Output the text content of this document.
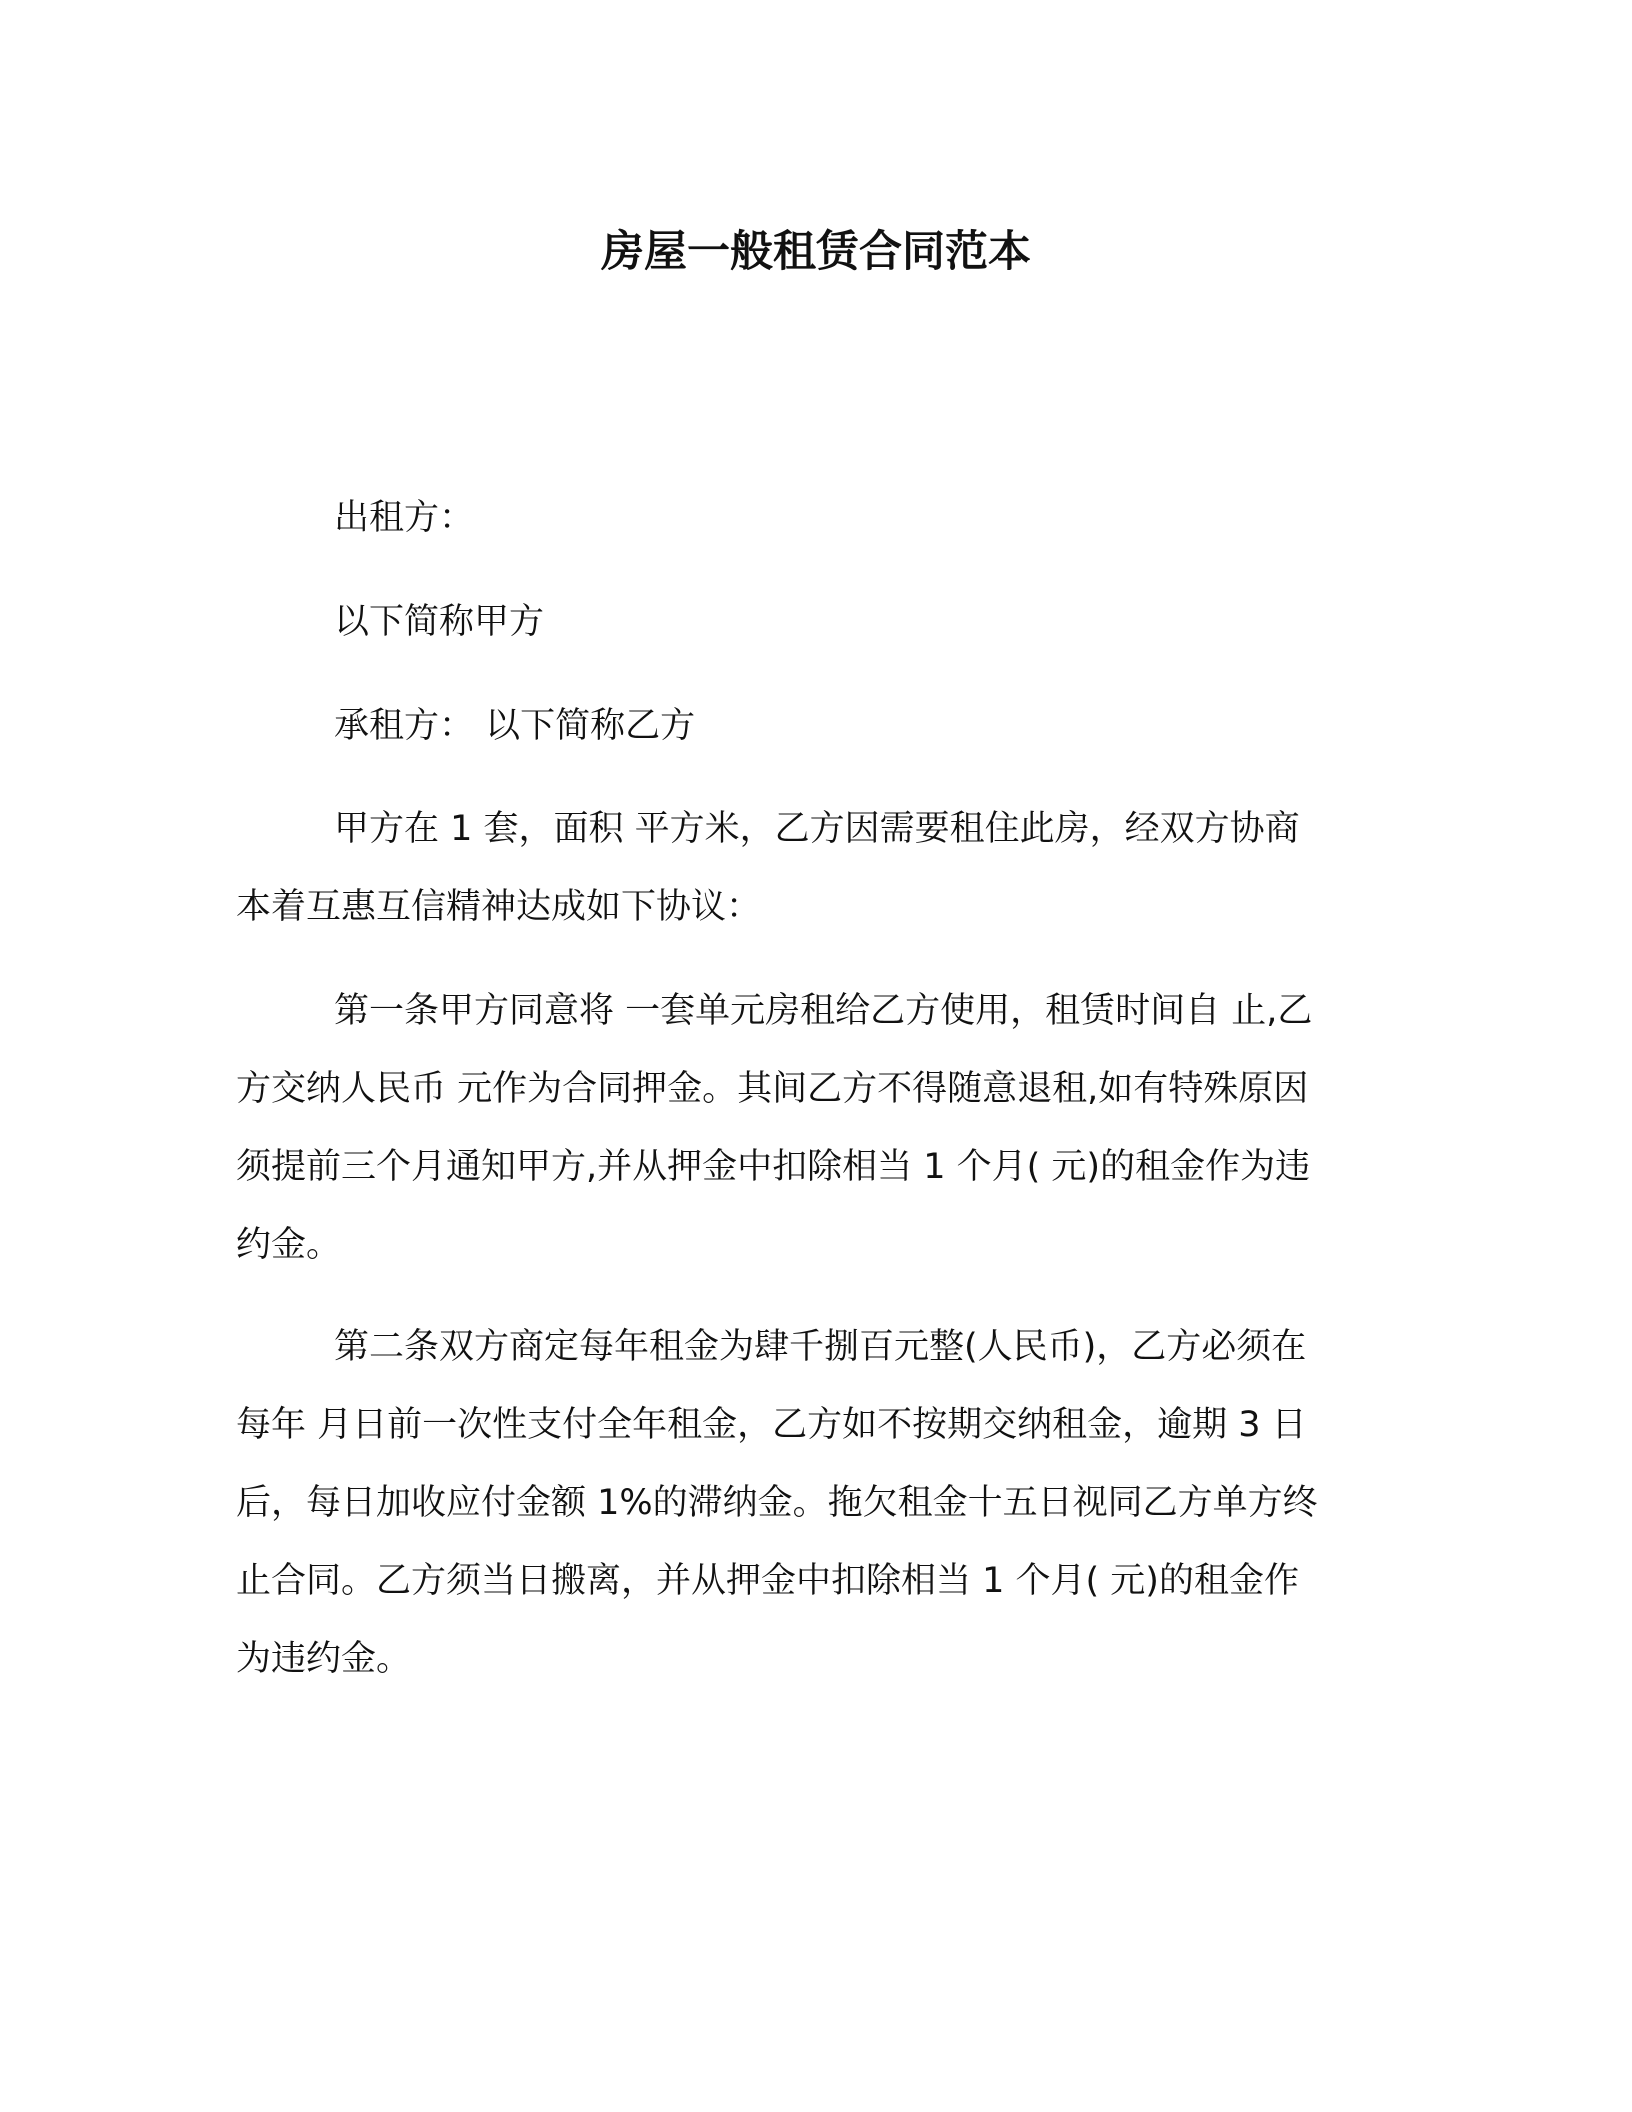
房屋一般租赁合同范本
出租方：
以下简称甲方
承租方： 以下简称乙方
甲方在 1 套，面积 平方米，乙方因需要租住此房，经双方协商
本着互惠互信精神达成如下协议：
第一条甲方同意将 一套单元房租给乙方使用，租赁时间自 止,乙
方交纳人民币 元作为合同押金。其间乙方不得随意退租,如有特殊原因
须提前三个月通知甲方,并从押金中扣除相当 1 个月( 元)的租金作为违
约金。
第二条双方商定每年租金为肆千捌百元整(人民币)，乙方必须在
每年 月日前一次性支付全年租金，乙方如不按期交纳租金，逾期 3 日
后，每日加收应付金额 1%的滞纳金。拖欠租金十五日视同乙方单方终
止合同。乙方须当日搬离，并从押金中扣除相当 1 个月( 元)的租金作
为违约金。
